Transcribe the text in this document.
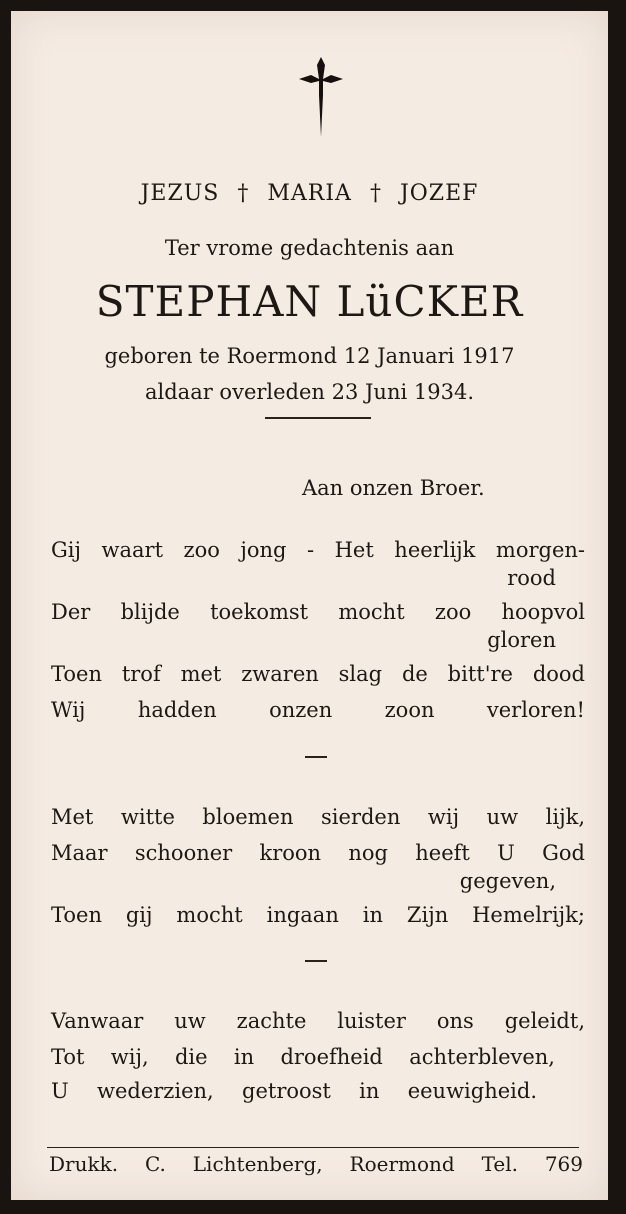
JEZUS † MARIA † JOZEF
Ter vrome gedachtenis aan
STEPHAN LüCKER
geboren te Roermond 12 Januari 1917
aldaar overleden 23 Juni 1934.
Aan onzen Broer.
Gij waart zoo jong - Het heerlijk morgen-
rood
Der blijde toekomst mocht zoo hoopvol
gloren
Toen trof met zwaren slag de bitt're dood
Wij hadden onzen zoon verloren!
Met witte bloemen sierden wij uw lijk,
Maar schooner kroon nog heeft U God
gegeven,
Toen gij mocht ingaan in Zijn Hemelrijk;
Vanwaar uw zachte luister ons geleidt,
Tot wij, die in droefheid achterbleven,
U wederzien, getroost in eeuwigheid.
Drukk. C. Lichtenberg, Roermond Tel. 769
